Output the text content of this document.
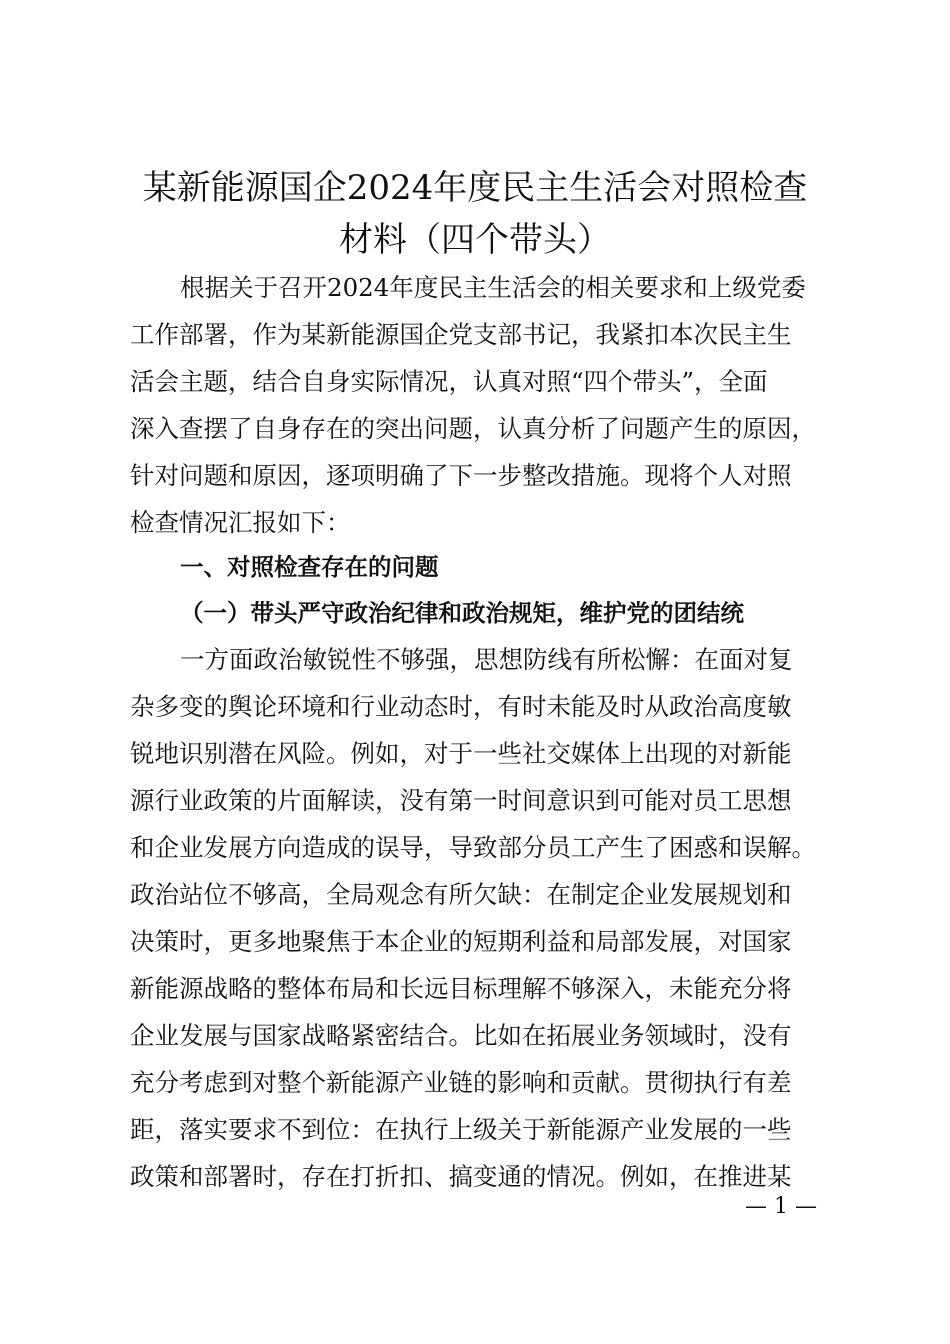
某新能源国企2024年度民主生活会对照检查
材料（四个带头）
根据关于召开2024年度民主生活会的相关要求和上级党委
工作部署，作为某新能源国企党支部书记，我紧扣本次民主生
活会主题，结合自身实际情况，认真对照“四个带头”，全面
深入查摆了自身存在的突出问题，认真分析了问题产生的原因，
针对问题和原因，逐项明确了下一步整改措施。现将个人对照
检查情况汇报如下：
一、对照检查存在的问题
（一）带头严守政治纪律和政治规矩，维护党的团结统
一方面政治敏锐性不够强，思想防线有所松懈：在面对复
杂多变的舆论环境和行业动态时，有时未能及时从政治高度敏
锐地识别潜在风险。例如，对于一些社交媒体上出现的对新能
源行业政策的片面解读，没有第一时间意识到可能对员工思想
和企业发展方向造成的误导，导致部分员工产生了困惑和误解。
政治站位不够高，全局观念有所欠缺：在制定企业发展规划和
决策时，更多地聚焦于本企业的短期利益和局部发展，对国家
新能源战略的整体布局和长远目标理解不够深入，未能充分将
企业发展与国家战略紧密结合。比如在拓展业务领域时，没有
充分考虑到对整个新能源产业链的影响和贡献。贯彻执行有差
距，落实要求不到位：在执行上级关于新能源产业发展的一些
政策和部署时，存在打折扣、搞变通的情况。例如，在推进某
— 1 —
